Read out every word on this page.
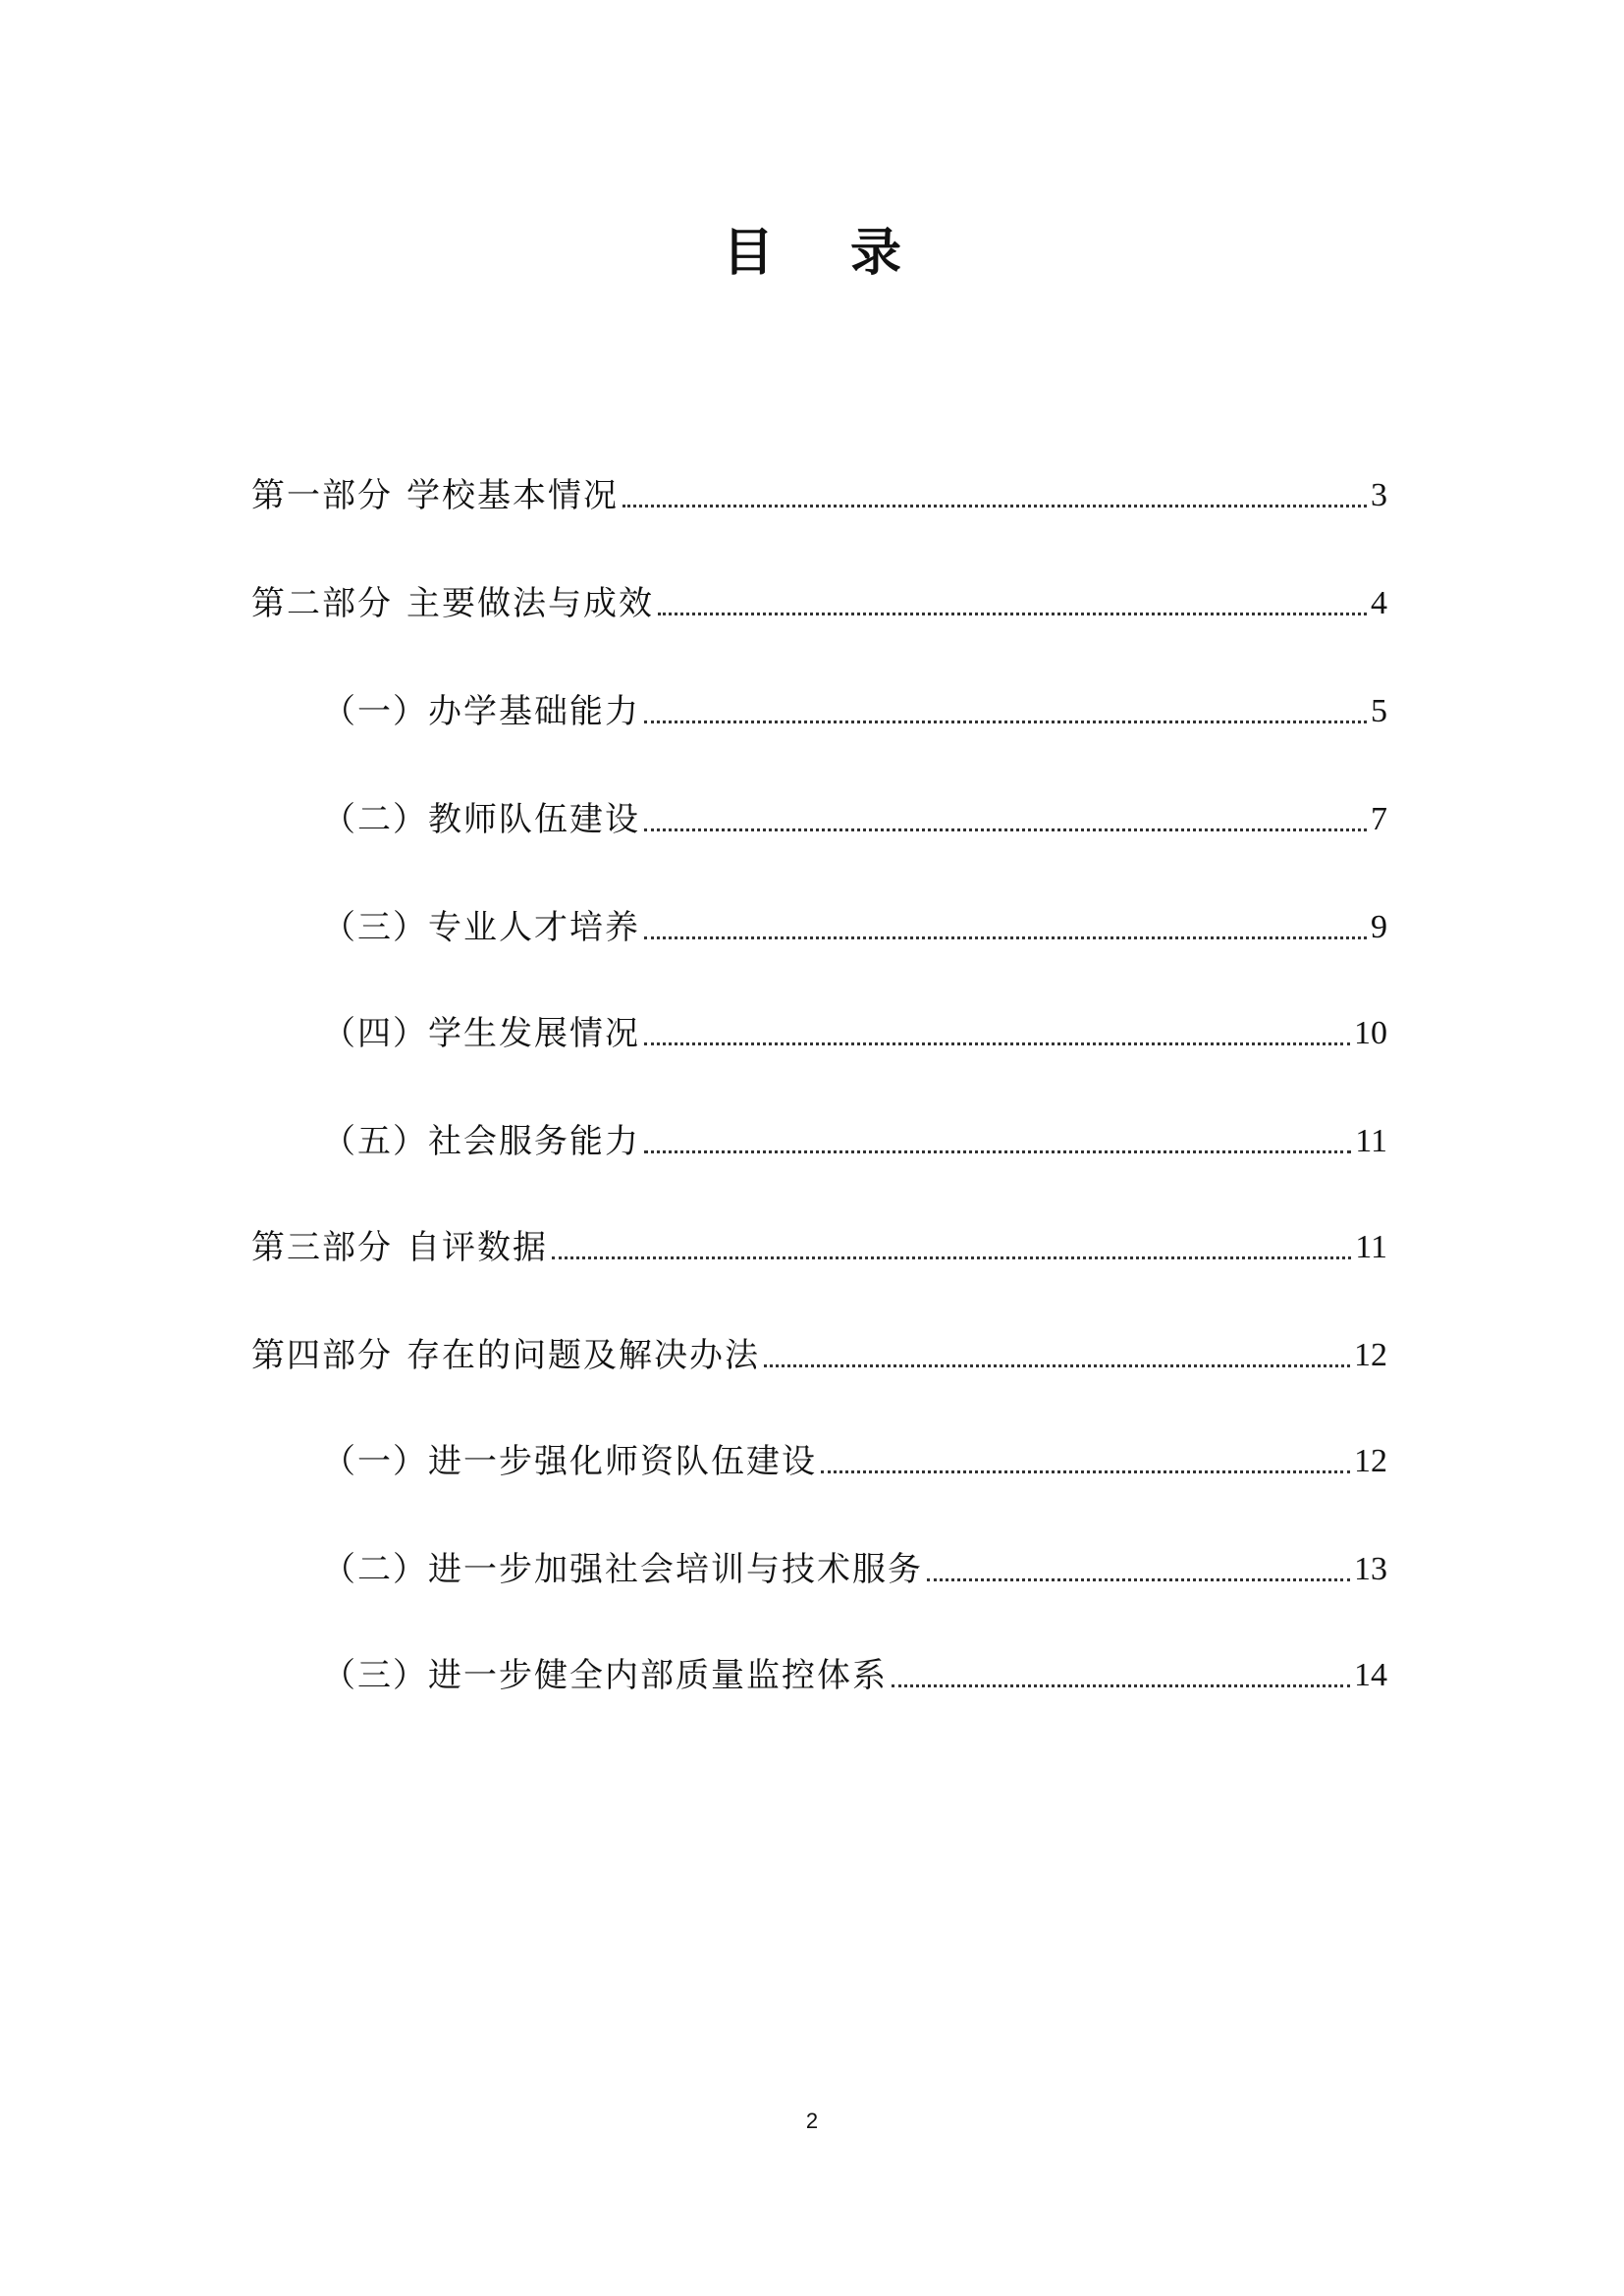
目 录
第一部分 学校基本情况	3
第二部分 主要做法与成效	4
（一）办学基础能力	5
（二）教师队伍建设	7
（三）专业人才培养	9
（四）学生发展情况	10
（五）社会服务能力	11
第三部分 自评数据	11
第四部分 存在的问题及解决办法	12
（一）进一步强化师资队伍建设	12
（二）进一步加强社会培训与技术服务	13
（三）进一步健全内部质量监控体系	14
2
